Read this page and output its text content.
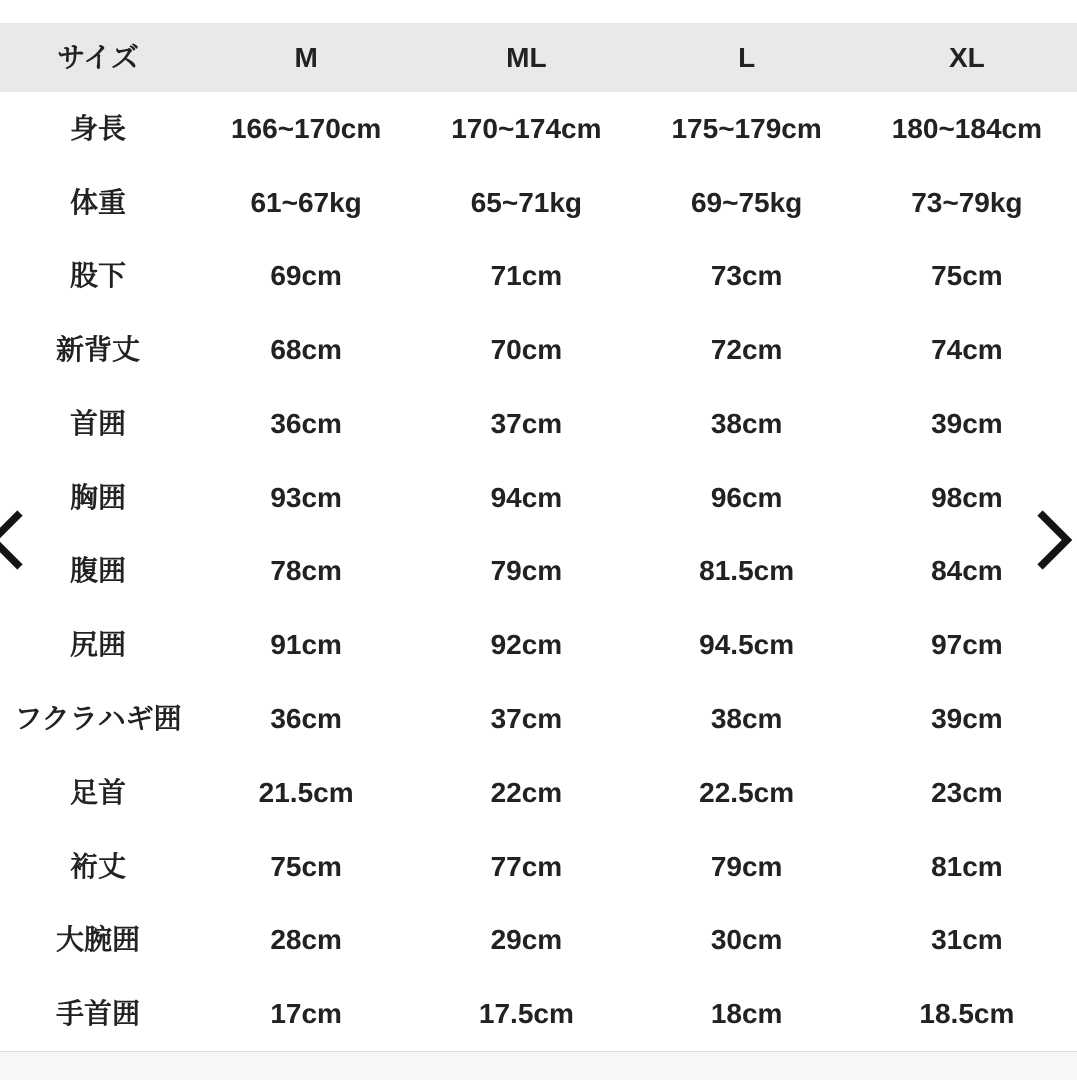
サイズ	M	ML	L	XL
身長	166~170cm	170~174cm	175~179cm	180~184cm
体重	61~67kg	65~71kg	69~75kg	73~79kg
股下	69cm	71cm	73cm	75cm
新背丈	68cm	70cm	72cm	74cm
首囲	36cm	37cm	38cm	39cm
胸囲	93cm	94cm	96cm	98cm
腹囲	78cm	79cm	81.5cm	84cm
尻囲	91cm	92cm	94.5cm	97cm
フクラハギ囲	36cm	37cm	38cm	39cm
足首	21.5cm	22cm	22.5cm	23cm
裄丈	75cm	77cm	79cm	81cm
大腕囲	28cm	29cm	30cm	31cm
手首囲	17cm	17.5cm	18cm	18.5cm
